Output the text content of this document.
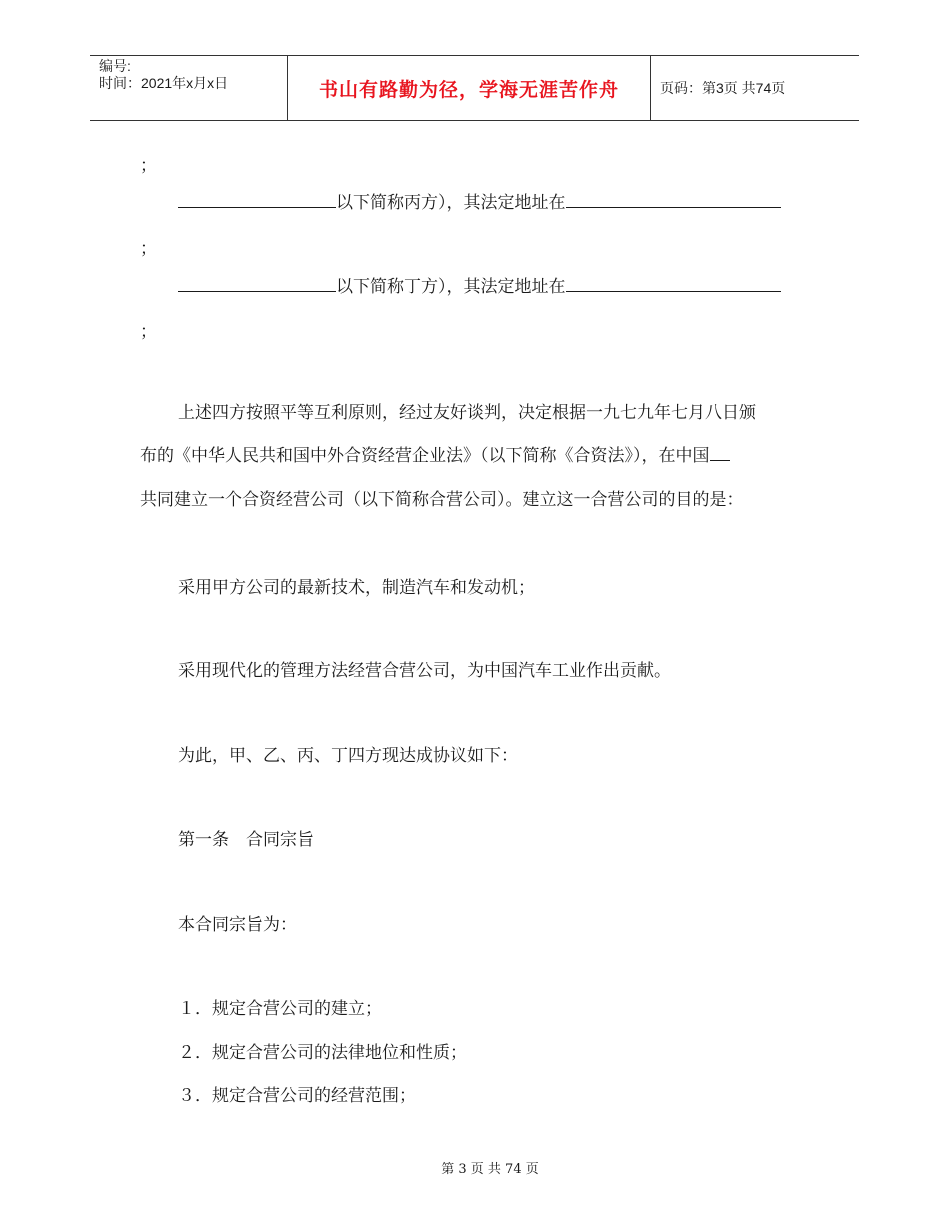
编号:
时间：2021年x月x日	书山有路勤为径，学海无涯苦作舟	页码：第3页 共74页
；
以下简称丙方），其法定地址在
；
以下简称丁方），其法定地址在
；
上述四方按照平等互利原则，经过友好谈判，决定根据一九七九年七月八日颁
布的《中华人民共和国中外合资经营企业法》（以下简称《合资法》），在中国
共同建立一个合资经营公司（以下简称合营公司）。建立这一合营公司的目的是：
采用甲方公司的最新技术，制造汽车和发动机；
采用现代化的管理方法经营合营公司，为中国汽车工业作出贡献。
为此，甲、乙、丙、丁四方现达成协议如下：
第一条　合同宗旨
本合同宗旨为：
１．规定合营公司的建立；
２．规定合营公司的法律地位和性质；
３．规定合营公司的经营范围；
第 3 页 共 74 页
